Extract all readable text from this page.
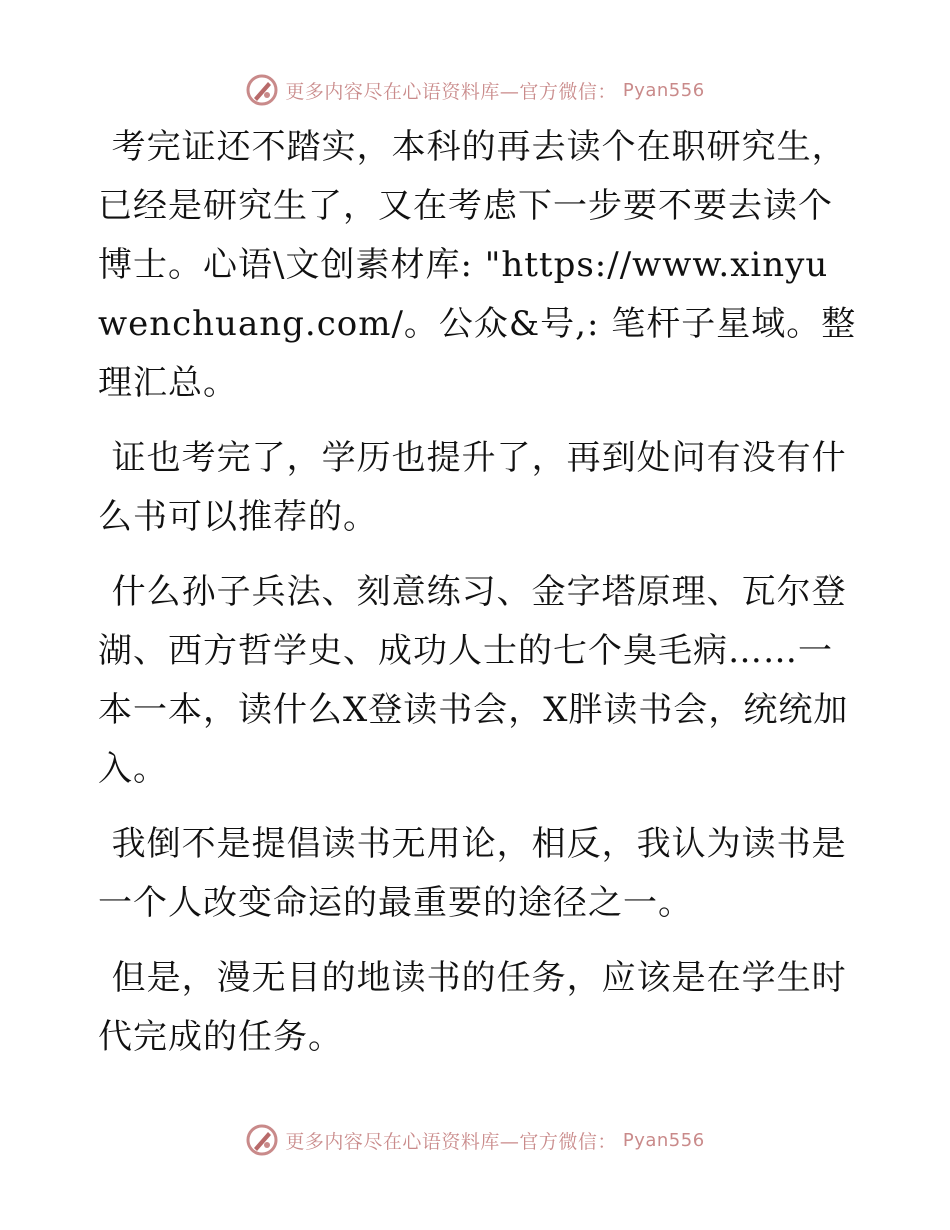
更多内容尽在心语资料库—官方微信： Pyan556

考完证还不踏实，本科的再去读个在职研究生，已经是研究生了，又在考虑下一步要不要去读个博士。心语\文创素材库: "https://www.xinyuwenchuang.com/。公众&号,: 笔杆子星域。整理汇总。

证也考完了，学历也提升了，再到处问有没有什么书可以推荐的。

什么孙子兵法、刻意练习、金字塔原理、瓦尔登湖、西方哲学史、成功人士的七个臭毛病……一本一本，读什么X登读书会，X胖读书会，统统加入。

我倒不是提倡读书无用论，相反，我认为读书是一个人改变命运的最重要的途径之一。

但是，漫无目的地读书的任务，应该是在学生时代完成的任务。

更多内容尽在心语资料库—官方微信： Pyan556
